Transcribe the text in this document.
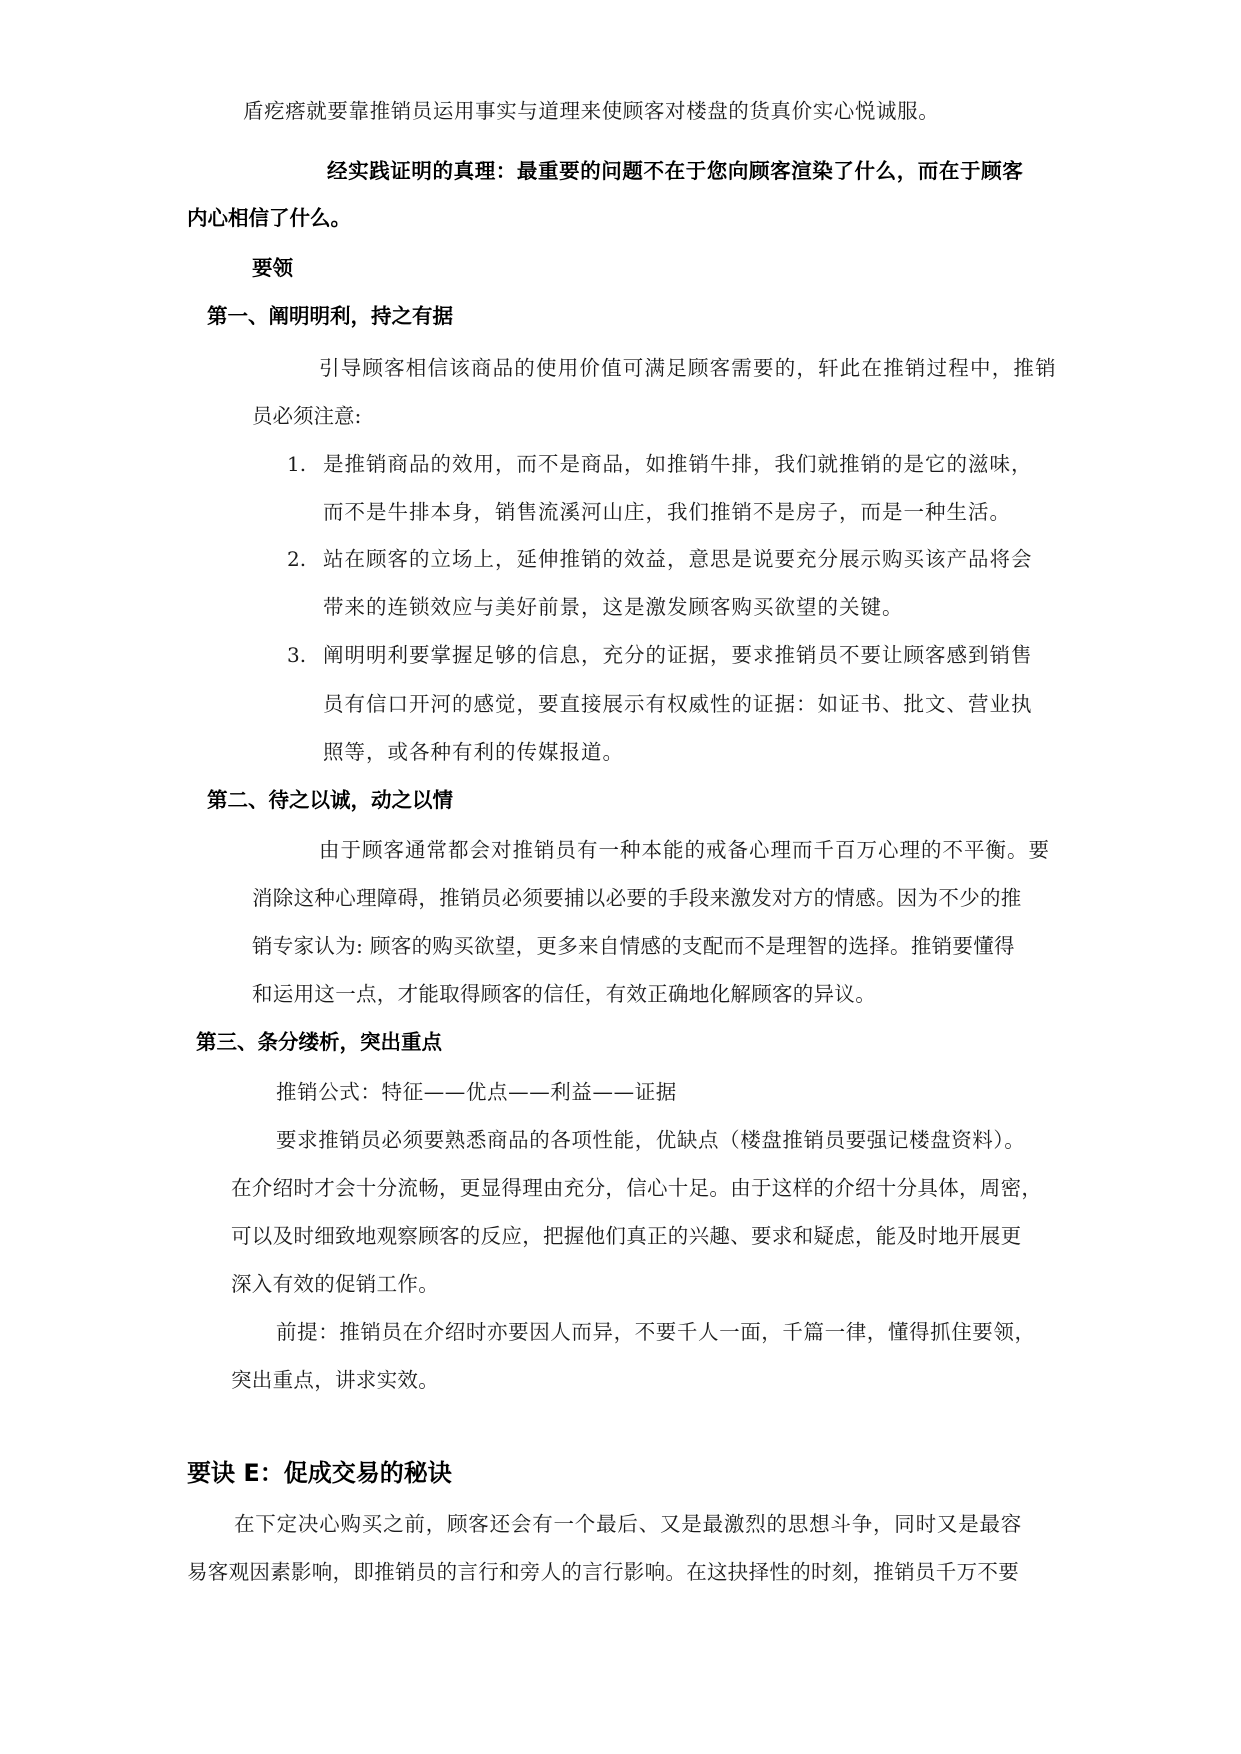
盾疙瘩就要靠推销员运用事实与道理来使顾客对楼盘的货真价实心悦诚服。
经实践证明的真理：最重要的问题不在于您向顾客渲染了什么，而在于顾客
内心相信了什么。
要领
第一、阐明明利，持之有据
引导顾客相信该商品的使用价值可满足顾客需要的，轩此在推销过程中，推销
员必须注意:
1. 是推销商品的效用，而不是商品，如推销牛排，我们就推销的是它的滋味，
而不是牛排本身，销售流溪河山庄，我们推销不是房子，而是一种生活。
2. 站在顾客的立场上，延伸推销的效益，意思是说要充分展示购买该产品将会
带来的连锁效应与美好前景，这是激发顾客购买欲望的关键。
3. 阐明明利要掌握足够的信息，充分的证据，要求推销员不要让顾客感到销售
员有信口开河的感觉，要直接展示有权威性的证据：如证书、批文、营业执
照等，或各种有利的传媒报道。
第二、待之以诚，动之以情
由于顾客通常都会对推销员有一种本能的戒备心理而千百万心理的不平衡。要
消除这种心理障碍，推销员必须要捕以必要的手段来激发对方的情感。因为不少的推
销专家认为: 顾客的购买欲望，更多来自情感的支配而不是理智的选择。推销要懂得
和运用这一点，才能取得顾客的信任，有效正确地化解顾客的异议。
第三、条分缕析，突出重点
推销公式：特征——优点——利益——证据
要求推销员必须要熟悉商品的各项性能，优缺点（楼盘推销员要强记楼盘资料）。
在介绍时才会十分流畅，更显得理由充分，信心十足。由于这样的介绍十分具体，周密，
可以及时细致地观察顾客的反应，把握他们真正的兴趣、要求和疑虑，能及时地开展更
深入有效的促销工作。
前提：推销员在介绍时亦要因人而异，不要千人一面，千篇一律，懂得抓住要领，
突出重点，讲求实效。
要诀 E：促成交易的秘诀
在下定决心购买之前，顾客还会有一个最后、又是最激烈的思想斗争，同时又是最容
易客观因素影响，即推销员的言行和旁人的言行影响。在这抉择性的时刻，推销员千万不要
